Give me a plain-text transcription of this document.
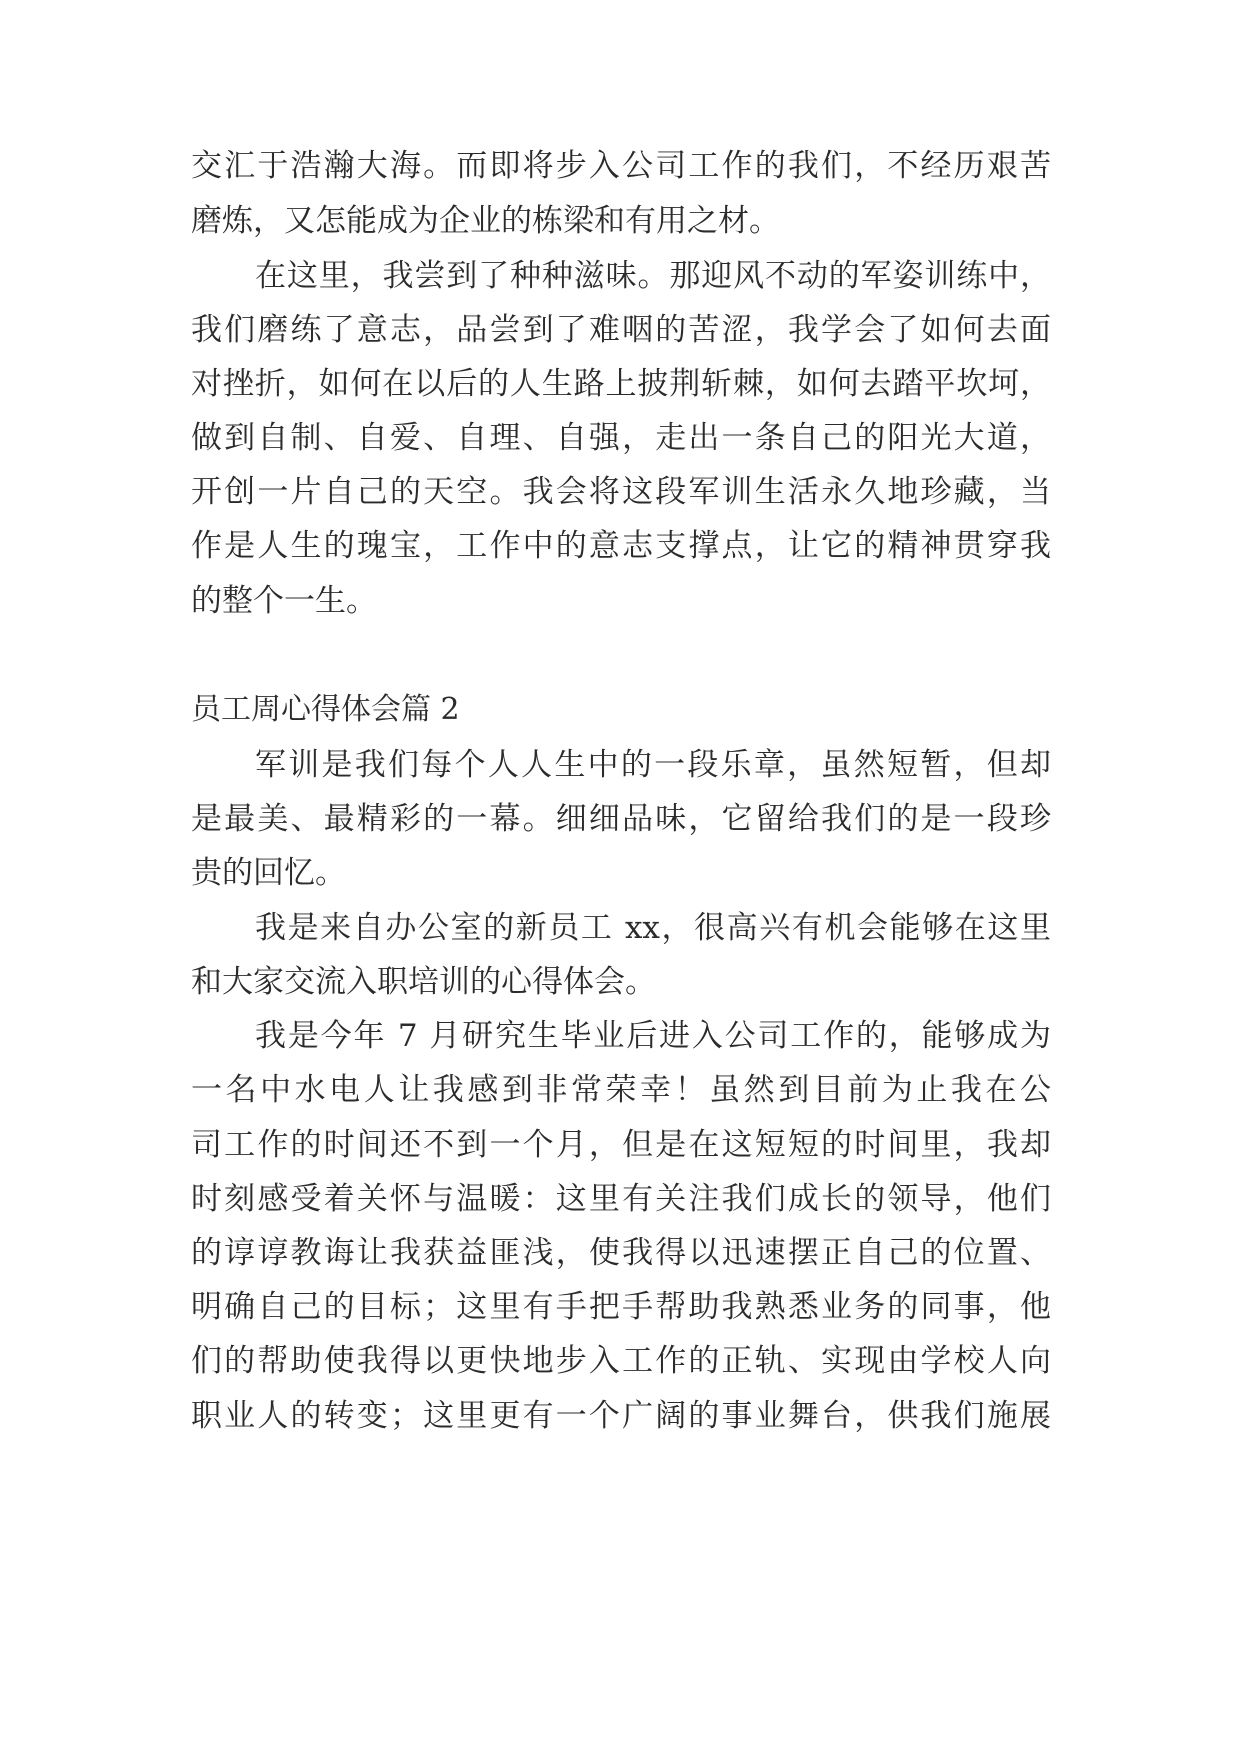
交汇于浩瀚大海。而即将步入公司工作的我们，不经历艰苦
磨炼，又怎能成为企业的栋梁和有用之材。
在这里，我尝到了种种滋味。那迎风不动的军姿训练中，
我们磨练了意志，品尝到了难咽的苦涩，我学会了如何去面
对挫折，如何在以后的人生路上披荆斩棘，如何去踏平坎坷，
做到自制、自爱、自理、自强，走出一条自己的阳光大道，
开创一片自己的天空。我会将这段军训生活永久地珍藏，当
作是人生的瑰宝，工作中的意志支撑点，让它的精神贯穿我
的整个一生。
员工周心得体会篇 2
军训是我们每个人人生中的一段乐章，虽然短暂，但却
是最美、最精彩的一幕。细细品味，它留给我们的是一段珍
贵的回忆。
我是来自办公室的新员工 xx，很高兴有机会能够在这里
和大家交流入职培训的心得体会。
我是今年 7 月研究生毕业后进入公司工作的，能够成为
一名中水电人让我感到非常荣幸！虽然到目前为止我在公
司工作的时间还不到一个月，但是在这短短的时间里，我却
时刻感受着关怀与温暖：这里有关注我们成长的领导，他们
的谆谆教诲让我获益匪浅，使我得以迅速摆正自己的位置、
明确自己的目标；这里有手把手帮助我熟悉业务的同事，他
们的帮助使我得以更快地步入工作的正轨、实现由学校人向
职业人的转变；这里更有一个广阔的事业舞台，供我们施展
